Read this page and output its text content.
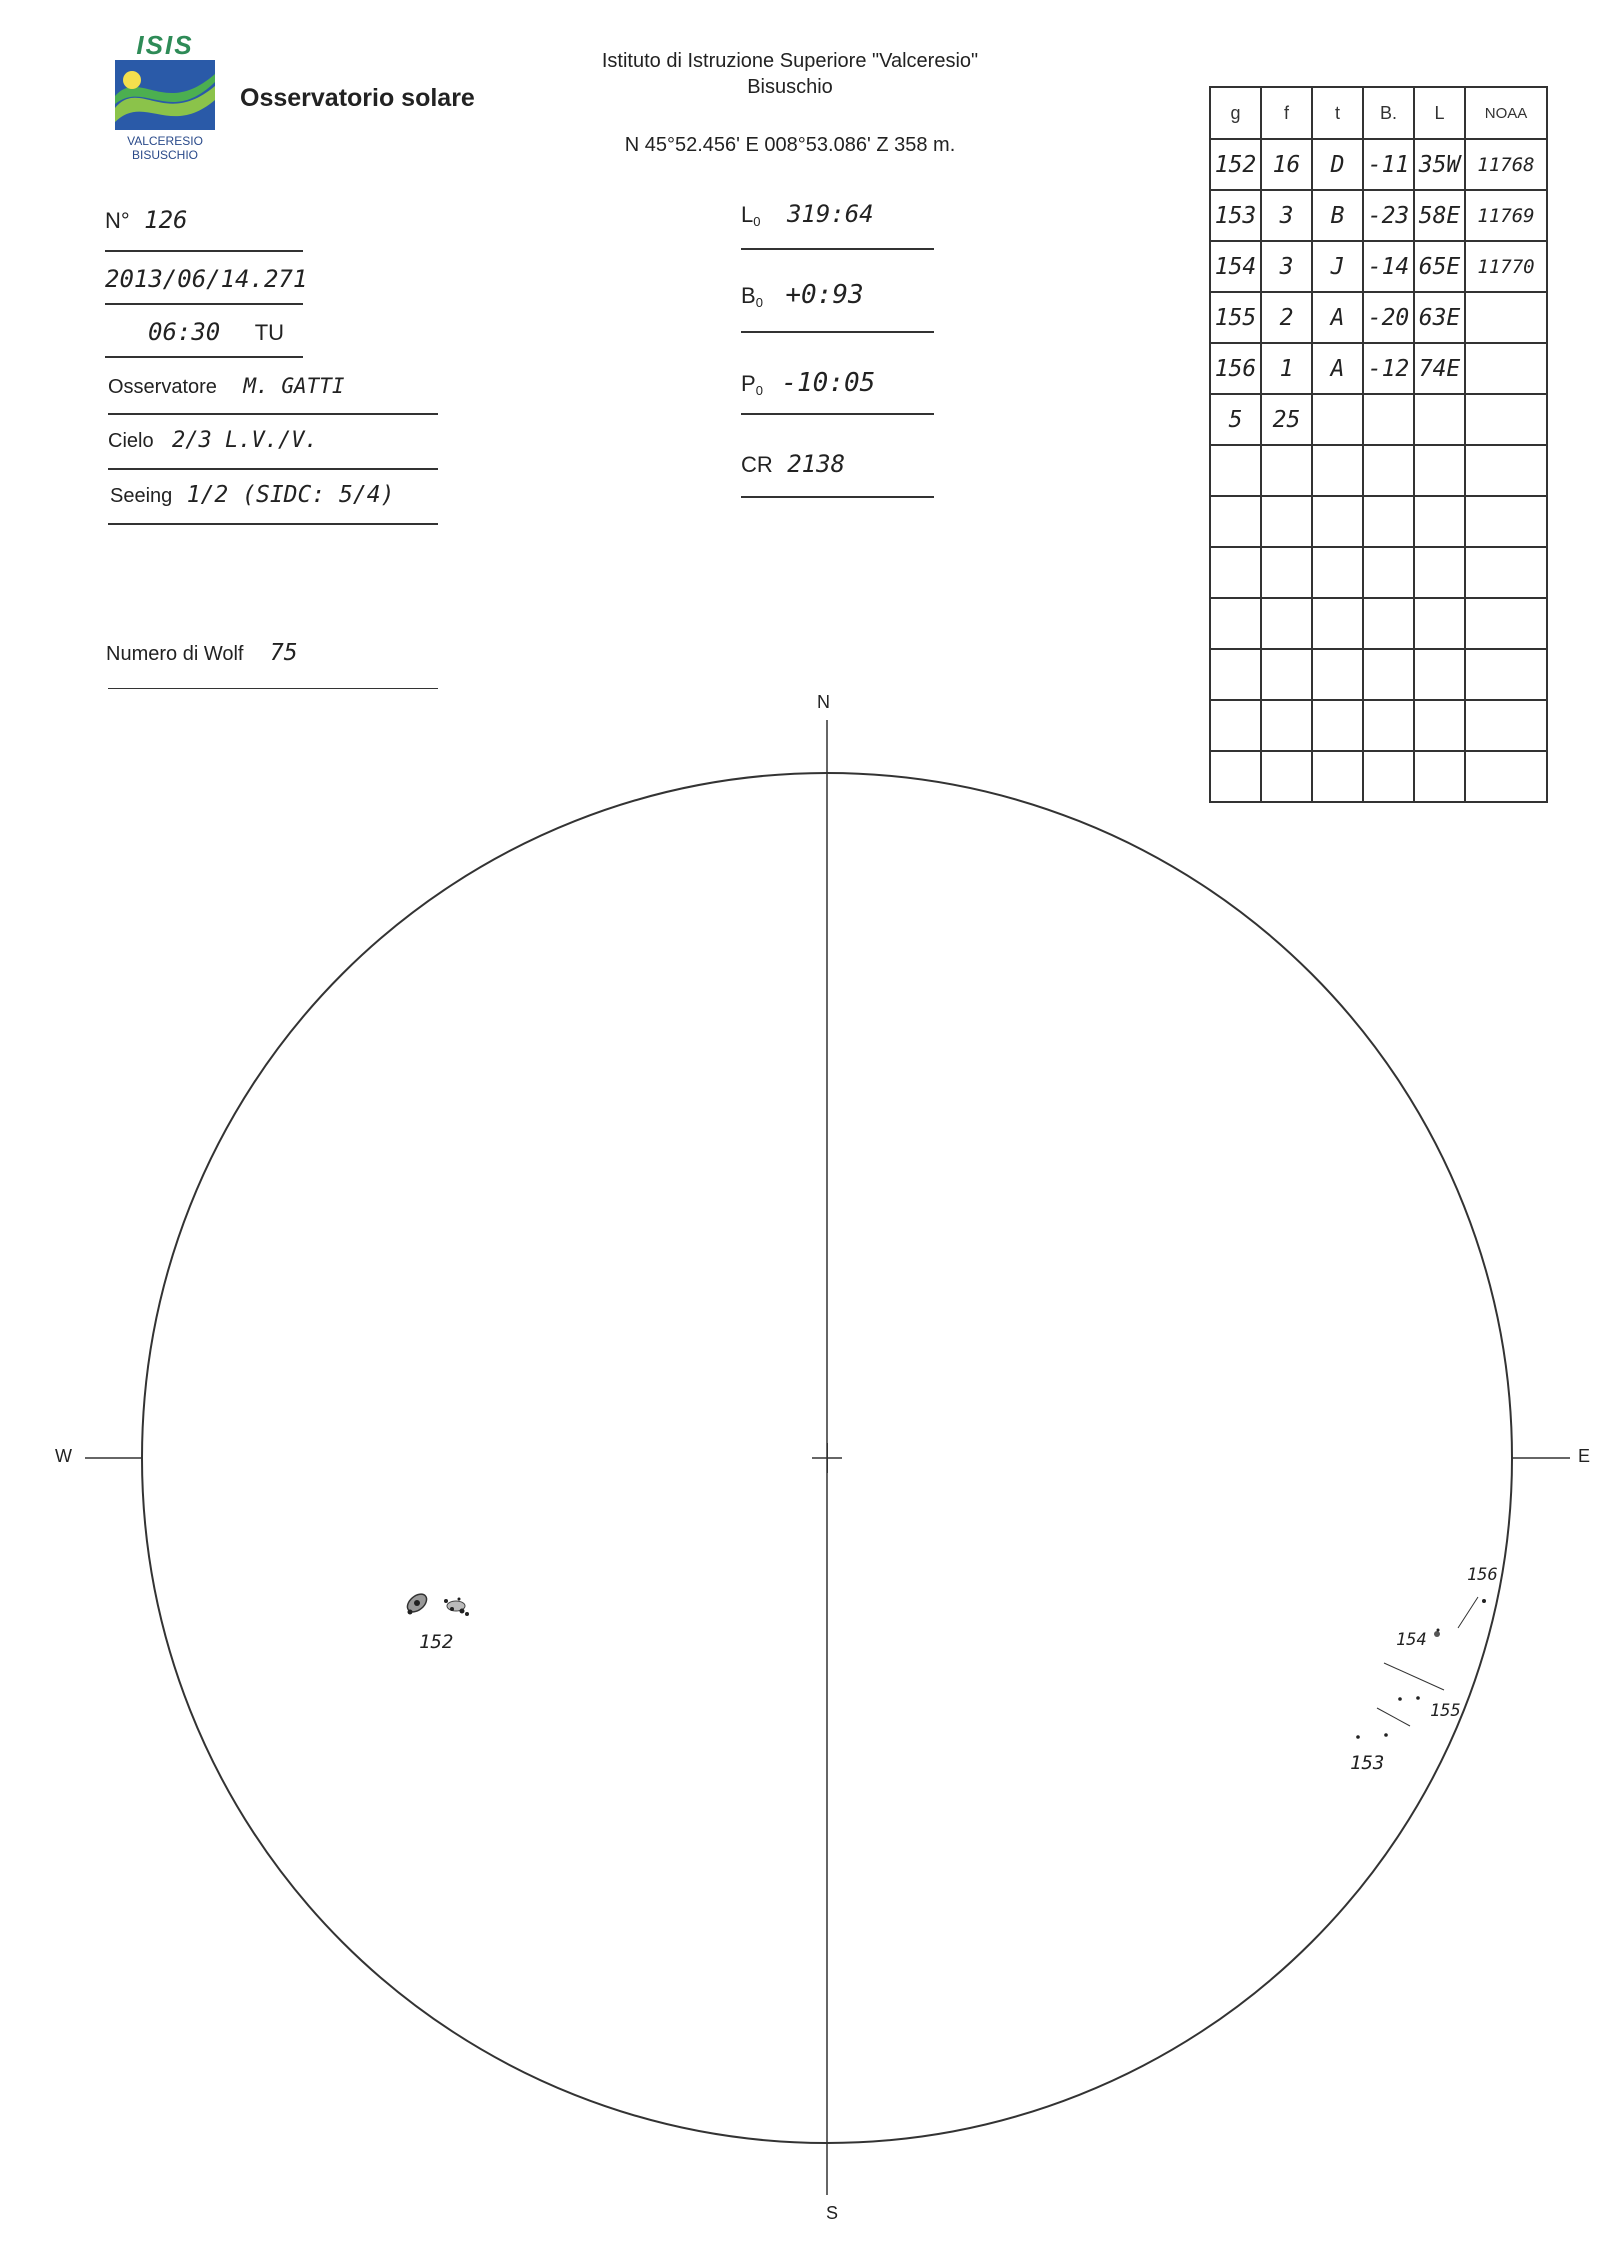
ISIS
VALCERESIO
BISUSCHIO
Osservatorio solare
Istituto di Istruzione Superiore "Valceresio"
Bisuschio
N 45°52.456' E 008°53.086' Z 358 m.
N° 126
2013/06/14.271
06:30 TU
Osservatore M. GATTI
Cielo 2/3 L.V./V.
Seeing 1/2 (SIDC: 5/4)
Numero di Wolf 75
$L_0$ 319:64
$B_0$ +0:93
$P_0$ -10:05
CR 2138
g	f	t	B.	L	NOAA
152	16	D	-11	35W	11768
153	3	B	-23	58E	11769
154	3	J	-14	65E	11770
155	2	A	-20	63E	
156	1	A	-12	74E	
5	25				

N
S
E
W
152
153
154
155
156
